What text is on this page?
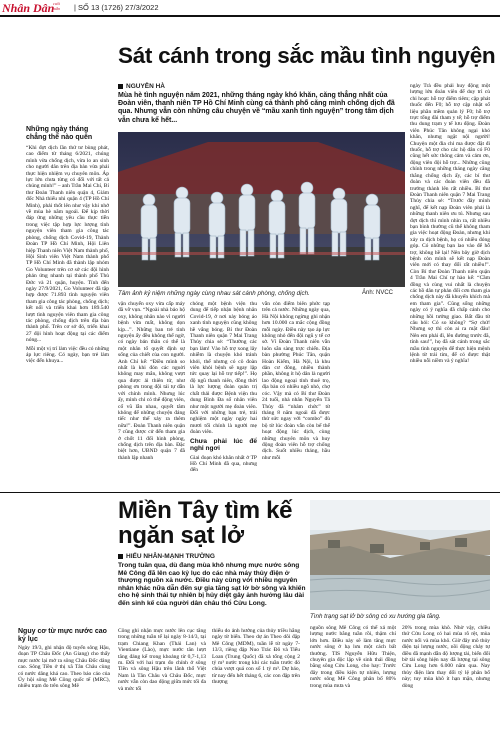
Nhân Dân
cuối
tuần | SỐ 13 (1726) 27/3/2022
Sát cánh trong sắc mầu tình nguyện
NGUYỄN HÀ
Mùa hè tình nguyện năm 2021, những tháng ngày khó khăn, căng thẳng nhất của Đoàn viên, thanh niên TP Hồ Chí Minh cùng cả thành phố căng mình chống dịch đã qua. Nhưng vẫn còn những câu chuyện về “mầu xanh tình nguyện” trong tâm dịch vẫn chưa kể hết...
Những ngày tháng chẳng thể nào quên
“Khi đợt dịch lần thứ tư bùng phát, cao điểm từ tháng 6/2021, chúng mình vừa chống dịch, vừa lo an sinh cho người dân trên địa bàn vừa phải thực hiện nhiệm vụ chuyên môn. Áp lực lớn chưa từng có đối với tất cả chúng mình!” – anh Trần Mai Chí, Bí thư Đoàn Thanh niên quận 4, Giám đốc Nhà thiếu nhi quận 4 (TP Hồ Chí Minh), phải thốt lên như vậy khi nhớ về mùa hè năm ngoái. Để kịp thời đáp ứng những yêu cầu thực tiễn trong việc tập hợp lực lượng tình nguyện viên tham gia công tác phòng, chống dịch Covid-19, Thành Đoàn TP Hồ Chí Minh, Hội Liên hiệp Thanh niên Việt Nam thành phố, Hội Sinh viên Việt Nam thành phố TP Hồ Chí Minh đã thành lập nhóm Go Volunteer trên cơ sở các đội hình phản ứng nhanh tại thành phố Thủ Đức và 21 quận, huyện. Tính đến ngày 27/9/2021, Go Volunteer đã tập hợp được 71.893 tình nguyện viên tham gia công tác phòng, chống dịch; kết nối và triển khai hơn 189.540 lượt tình nguyện viên tham gia công tác phòng, chống dịch trên địa bàn thành phố. Trên cơ sở đó, triển khai 27 đội hình hoạt động tại các điểm nóng...
Mỗi một vị trí làm việc đều có những áp lực riêng. Có ngày, bạn trẻ làm việc đến khuya...
Tâm ảnh kỷ niệm những ngày cùng nhau sát cánh phòng, chống dịch.	Ảnh: NVCC
vận chuyển oxy vừa cấp máy đã vỡ vụn. “Ngoài nhà bảo hộ oxy, không nhân nào vì người bệnh vừa mất, không dọn kịp...”. Những ban trẻ tình nguyện ấy đều không thể ngờ, có ngày bản thân có thể là một nhân tố quyết định sự sống của chiết của con người. Anh Chí kể: “Điều mình so nhất là khi đón các nguời không may mắn, không vượt qua được ải thiên tử, như phòng ơn trong đội tái tự dẫn với chính mình. Nhưng lúc ấy, mình chỉ có thể động viên, cố vũ lẫn nhau, quyết tâm không để những chuyện đáng tiếc như thế xảy ra thêm nữa!”. Đoàn Thanh niên quận 7 cũng được cử đến tham gia ở chốt 11 đối hình phòng, chống dịch trên địa bàn. Đặc biệt hơn, UBND quận 7 đã thành lập nhanh
chóng một bệnh viện thu dung để tiếp nhận bệnh nhân Covid-19, ở nơi này bỏng áo xanh tình nguyện cũng không hề vắng bóng. Bí thư Đoàn Thanh niên quận 7 Mai Trang Thủy chia sẻ: “Thường các bạn làm! Vào hỗ trợ xong lây nhiễm là chuyện khó tránh khỏi, thế nhưng có cô đoàn viên khỏi bệnh sẽ ngay lập tức quay lại hỗ trợ tiếp!”. Họ độ ngũ thanh niên, đồng thời là lực lượng đoàn quản trị chất thải được Bệnh viện thu dung Bình Đa số nhân viên như một người mẹ đoàn viên. Đối với những bạn trẻ, trải nghiệm một ngày ngày hai mươi tối chính là người mẹ đoàn viên.
Chưa phải lúc để nghỉ ngơi
Giai đoạn khó khăn nhất ở TP Hồ Chí Minh đã qua, nhưng đến
vẫn còn điểm biên phức tạp trên cả nước. Những ngày qua, Hà Nội không ngừng ghi nhận hơn 10.000 ca mắc cộng đồng mỗi ngày. Điều này tạo áp lực không nhỏ đến đội ngũ y tế cơ sở. Vì Đoàn Thanh niên vẫn luôn sẵn sàng trực chiến. Địa bàn phường Phúc Tân, quận Hoàn Kiếm, Hà Nội, là khu dân cư đông, nhiều thành phần, không ít hộ dân là người lao động ngoại tỉnh thuê trọ, địa bàn có nhiều ngõ nhỏ, chợ cóc. Vậy mà có Bí thư Đoàn 24 tuổi, nhà nhân Nguyễn Tá Thủy đã “nhâm chức” từ tháng 8 năm ngoái đã được thử sức ngay với “combo” đủ bộ từ lúc đoàn vẫn còn bế thể hoạt động lúc dịch, cùng những chuyên môn và huy động đoàn viên hỗ trợ chống dịch. Suốt nhiều tháng, hầu như mỗi
ngày Trà đều phải huy động một lượng lớn đoàn viên để duy trì củ chi hoạt: hỗ trợ điểm tiêm; cập phát thuốc đến F0; hỗ trợ cập nhật số liệu phần mềm quản lý F0; hỗ trợ trực tổng đài tham y tế; hỗ trợ điểm thu dung trạm y tế lưu động. Đoàn viên Phúc Tân không ngại khó khăn, nhưng ngặt nội người! Chuyện một đia chỉ ma được đặt đi thuốc, hỗ trợ cho các hộ dân có F0 cũng hết sức thông cảm và cảm ơn, động viên đội hỗ trợ... Những cũng chính trong những tháng ngày căng thẳng chống dịch ấy, các bí thư đoàn và các đoàn viên đều đã trưởng thành lên rất nhiều. Bí thư Đoàn Thanh niên quận 7 Mai Trang Thủy chia sẻ: “Trước đây mình nghĩ, để kết nạp Đoàn viên phải là những thanh niên ưu tú. Nhưng sau đợt dịch thì mình nhìn ra, rất nhiều bạn bình thường cũ thể không tham gia việc hoạt động Đoàn, nhưng khi xảy ra dịch bệnh, họ có nhiều đóng góp. Có những bạn lao vào để hỗ trợ, không hề lại! Nên bây giờ dịch bệnh còn mình sẽ kết nạp Đoàn viên mới có thay đổi rất nhiều!”. Còn Bí thư Đoàn Thanh niên quận 4 Trần Mai Chí tự hào kể: “Cầm đồng và cùng vui nhất là chuyện các hồ dân tự phản đối cơn tham gia chống dịch này đã khuyến khích mà em tham gia”. Cũng sống những ngày có ý nghĩa đã chấp cánh cho những hồi tưởng giao. Bất đầu từ câu hỏi: Có so không? “Sợ chứ! Nhưng sợ thì còn ai ra mặt đâu! Nên em phải đi, lên đường trước đã, tính sau!”, họ đã sát cánh trong sắc mầu tình nguyện để thực hiện mệnh lệnh từ trái tim, để có được thật nhiều nỗi niềm và ý nghĩa!
Miền Tây tìm kế
ngăn sạt lở
HIẾU NHÂN-MẠNH TRƯỜNG
Trong tuần qua, dù đang mùa khô nhưng mực nước sông Mê Công đã lên cao kỷ lục do các nhà máy thủy điện ở thượng nguồn xả nước. Điều này cùng với nhiều nguyên nhân khác nữa dẫn đến sự gia tăng sạt lở bờ sông và khiến cho hệ sinh thái tự nhiên bị hủy diệt gây ảnh hưởng lâu dài đến sinh kế của người dân châu thổ Cửu Long.
Tình trạng sạt lở bờ sông có xu hướng gia tăng.
Nguy cơ từ mực nước cao kỷ lục
Ngày 19/3, ghi nhận độ tuyến sông Hậu, đoạn TP Châu Đốc (An Giang) cho thấy mực nước lại mở ra sông Châu Đốc dâng cao. Sông Tiền ở thị xã Tân Châu cùng có nước dâng khá cao. Theo báo cáo của Ủy hội sông Mê Công quốc tế (MRC), nhiều trạm đo trên sông Mê
Công ghi nhận mực nước lên cục tăng trong những tuần tế lại ngày 8-14/3, tại trạm Chiang Khan (Thái Lan) và Vientiane (Lào), mực nước tăn lượt tăng đáng kể trong khoảng từ 0,7-1,13 m. Đối với hai trạm đo chính ở sông Tiền và sông Hậu trên lãnh thổ Việt Nam là Tân Châu và Châu Đốc, mực nước vẫn còn dao động giữa mức tối đa và mức tối
thiểu do ảnh hưởng của thủy triều hằng ngày từ biển. Theo dự án Theo dõi đập Mê Công (MDM), tuần lễ từ ngày 7-13/3, riêng đập Nuo Trác Đô và Tiểu Loan (Trung Quốc) đã xả tổng cộng 2 tỷ m³ nước trong khi các tuần trước đó chúa vượt quá con số 1 tỷ m³. Dự báo, từ nay đến hết tháng 6, các con đập trên thượng
nguồn sông Mê Công có thể xả một lượng nước bằng tuần rồi, thậm chí lớn hơn. Điều này sẽ làm tăng mực nước sông ở hạ lưu một cách bất thường. TIS Nguyễn Hữu Thiện, chuyên gia độc lập về sinh thái đồng bằng sông Cửu Long, cho hay: Trước đây trong điều kiện tự nhiên, lượng nước sông Mê Công phân bố 80% trong mùa mưa và
20% trong mùa khô. Nhờ vậy, chiều thứ Cửu Long có hai mùa rõ rệt, mùa nước nổi và mùa khô. Giờ đây mô thủy điện tại lượng nước, nồi động chảy tự điều đã mạnh dẫn độ lượng tài, biến đổi bờ tài sông hiện nay đã lượng tại sông Cửu Long hơn 6.000 năm qua. Nay thủy điện làm thay đổi tý lệ phân bổ này; tuy mùa khô ít hạn mặn, nhưng dòng
